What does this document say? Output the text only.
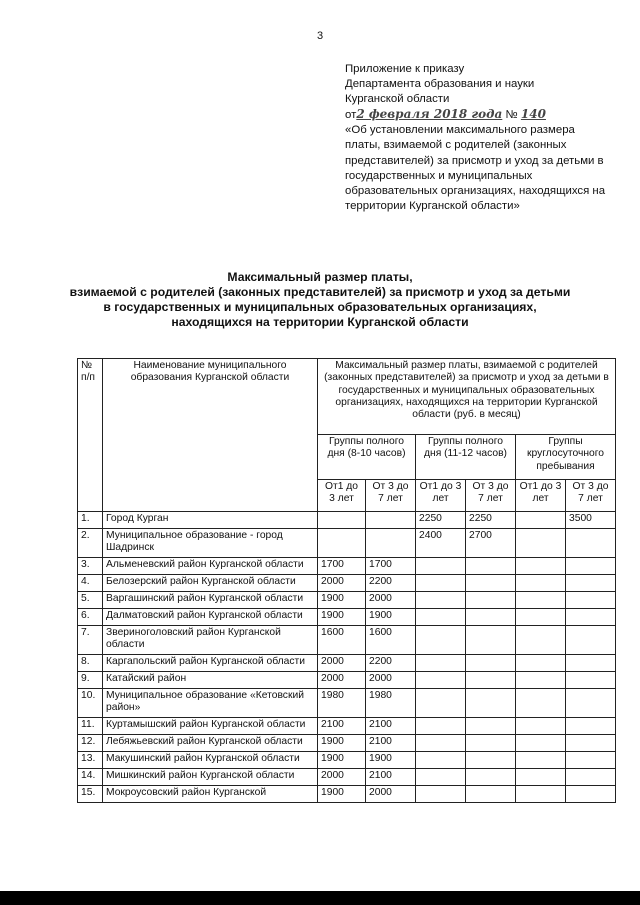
3
Приложение к приказу
Департамента образования и науки
Курганской области
от2 февраля 2018 года № 140
«Об установлении максимального размера платы, взимаемой с родителей (законных представителей) за присмотр и уход за детьми в государственных и муниципальных образовательных организациях, находящихся на территории Курганской области»
Максимальный размер платы,
взимаемой с родителей (законных представителей) за присмотр и уход за детьми
в государственных и муниципальных образовательных организациях,
находящихся на территории Курганской области
№ п/п	Наименование муниципального образования Курганской области	Максимальный размер платы, взимаемой с родителей (законных представителей) за присмотр и уход за детьми в государственных и муниципальных образовательных организациях, находящихся на территории Курганской области (руб. в месяц)					
		Группы полного дня (8-10 часов)		Группы полного дня (11-12 часов)		Группы круглосуточного пребывания	
		От1 до 3 лет	От 3 до 7 лет	От1 до 3 лет	От 3 до 7 лет	От1 до 3 лет	От 3 до 7 лет
1.	Город Курган			2250	2250		3500
2.	Муниципальное образование - город Шадринск			2400	2700		
3.	Альменевский район Курганской области	1700	1700				
4.	Белозерский район Курганской области	2000	2200				
5.	Варгашинский район Курганской области	1900	2000				
6.	Далматовский район Курганской области	1900	1900				
7.	Звериноголовский район Курганской области	1600	1600				
8.	Каргапольский район Курганской области	2000	2200				
9.	Катайский район	2000	2000				
10.	Муниципальное образование «Кетовский район»	1980	1980				
11.	Куртамышский район Курганской области	2100	2100				
12.	Лебяжьевский район Курганской области	1900	2100				
13.	Макушинский район Курганской области	1900	1900				
14.	Мишкинский район Курганской области	2000	2100				
15.	Мокроусовский район Курганской	1900	2000				
